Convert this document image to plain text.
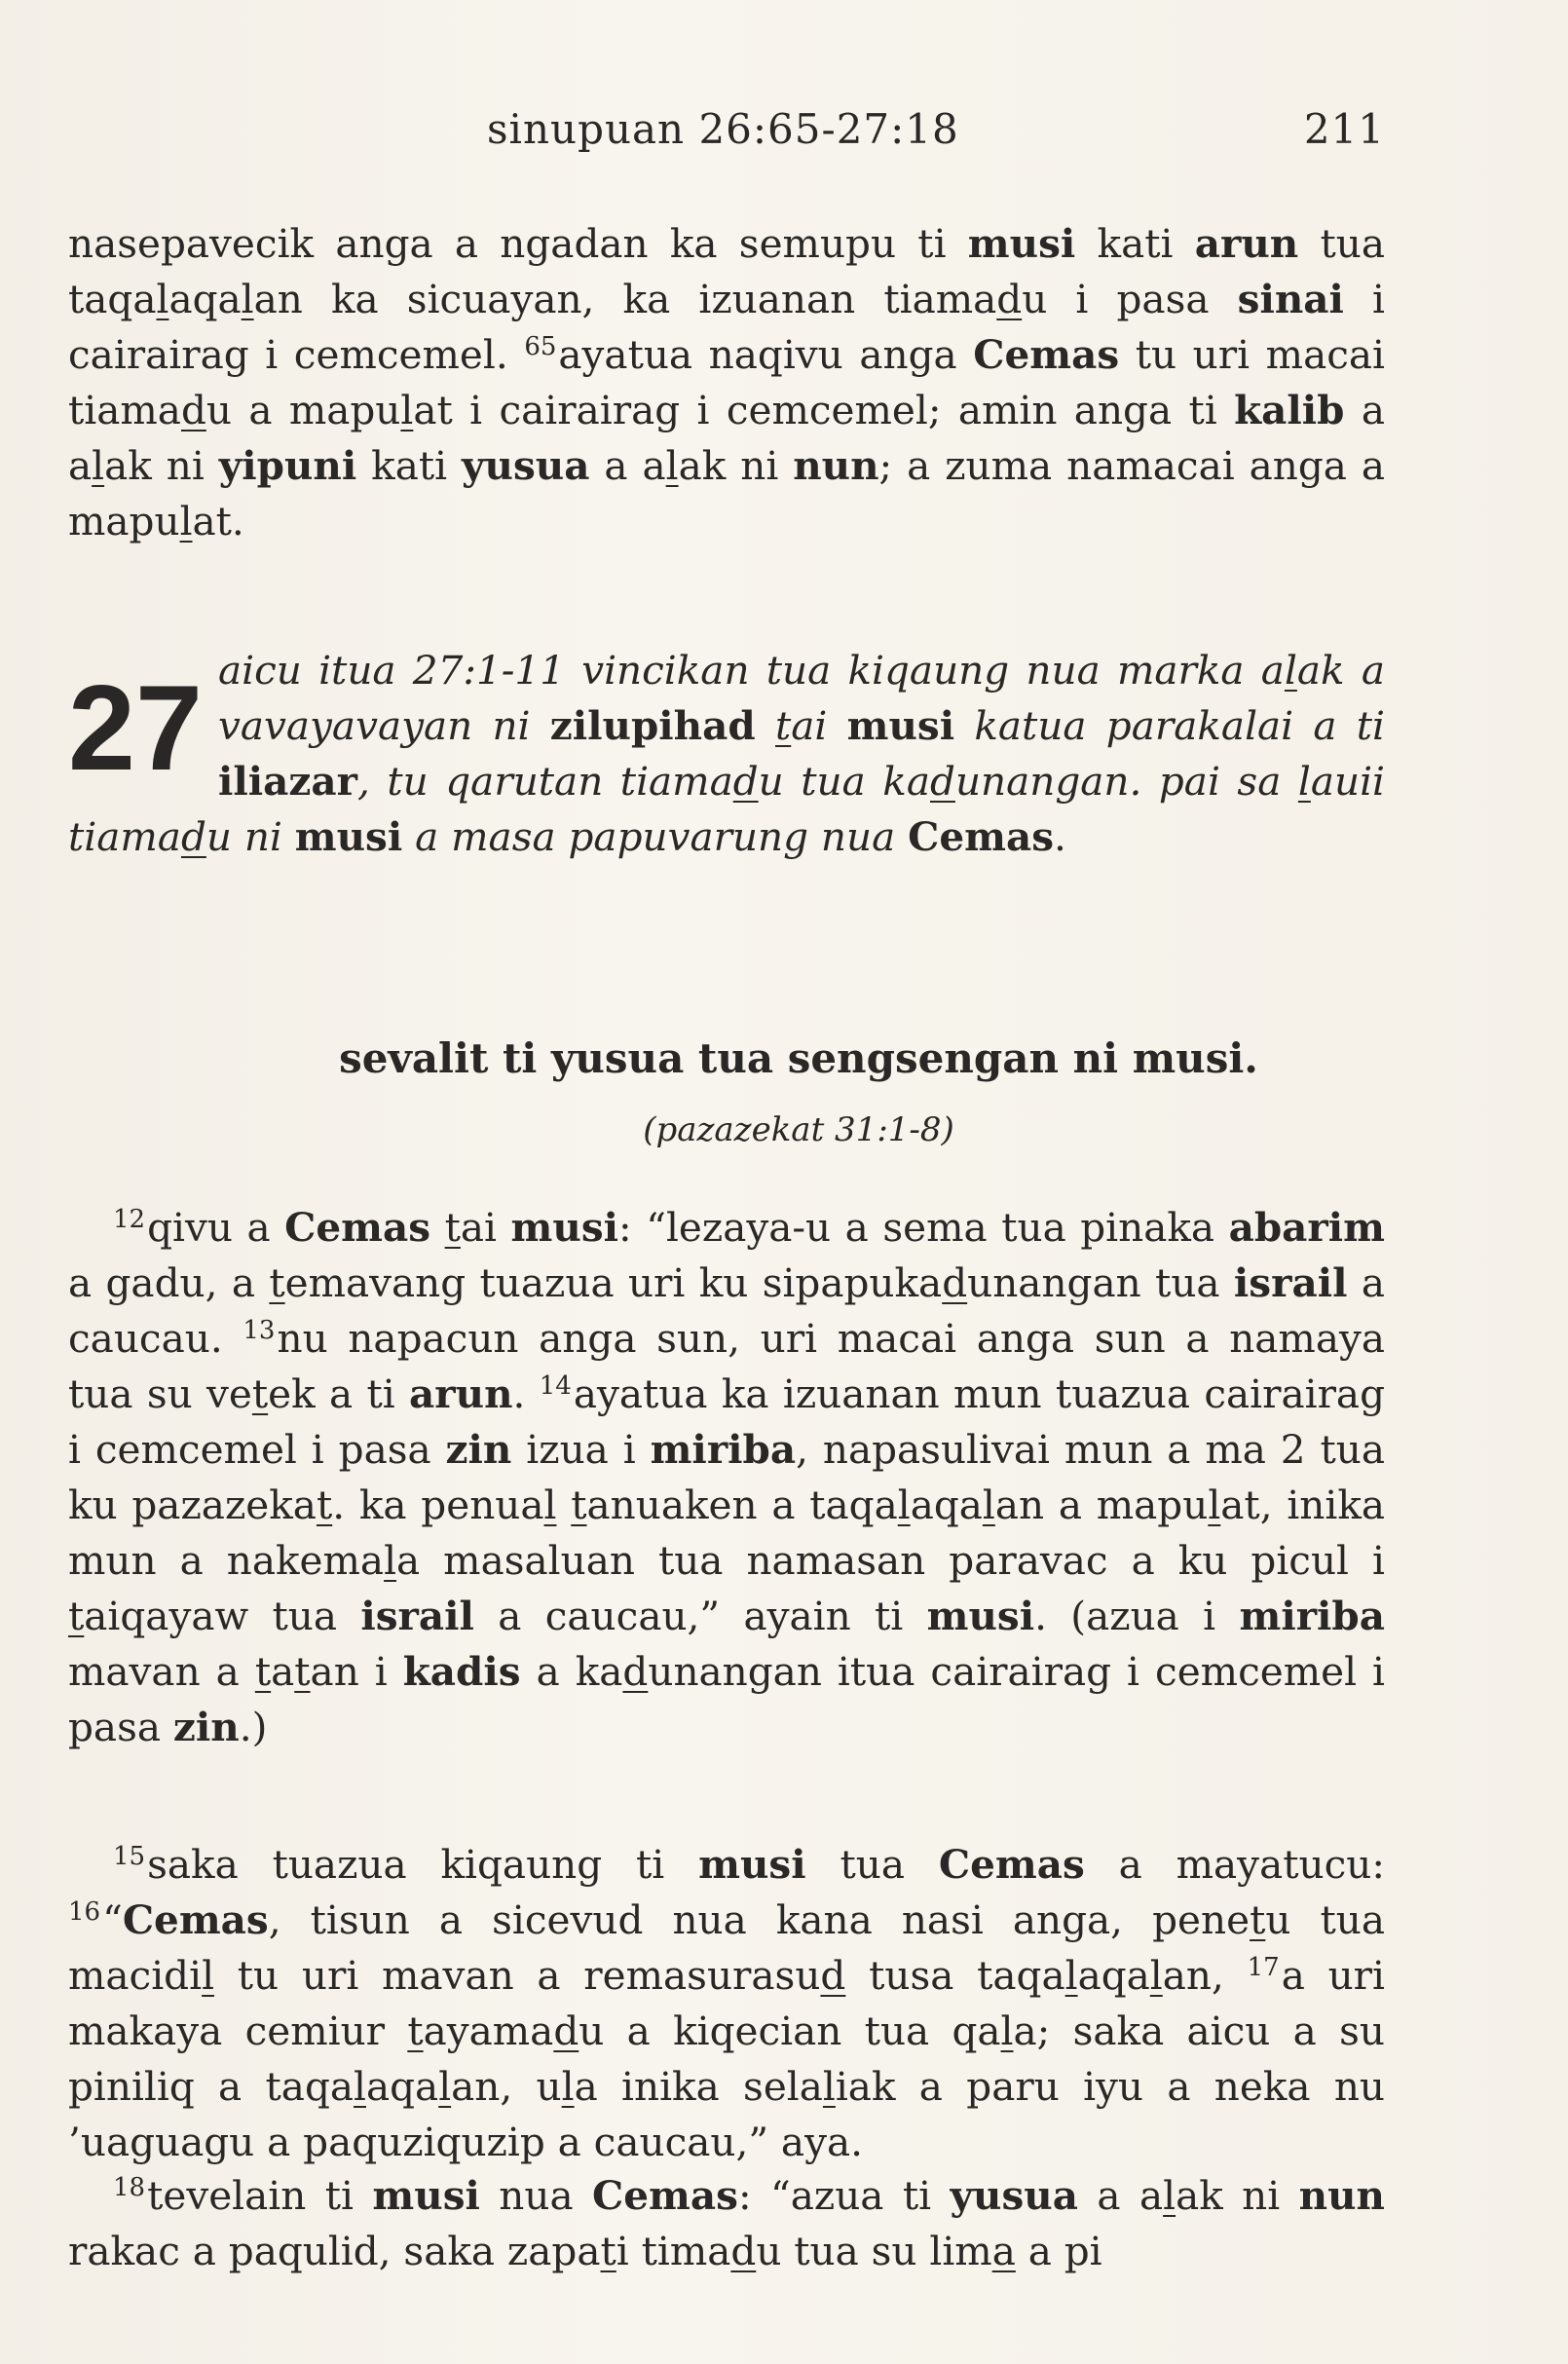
sinupuan 26:65-27:18	211

nasepavecik anga a ngadan ka semupu ti musi kati arun tua taqalaqalan ka sicuayan, ka izuanan tiamadu i pasa sinai i cairairag i cemcemel. $^{65}$ayatua naqivu anga Cemas tu uri macai tiamadu a mapulat i cairairag i cemcemel; amin anga ti kalib a alak ni yipuni kati yusua a alak ni nun; a zuma namacai anga a mapulat.

27 aicu itua 27:1-11 vincikan tua kiqaung nua marka alak a vavayavayan ni zilupihad tai musi katua parakalai a ti iliazar, tu qarutan tiamadu tua kadunangan. pai sa lauii tiamadu ni musi a masa papuvarung nua Cemas.
sevalit ti yusua tua sengsengan ni musi.
(pazazekat 31:1-8)

$^{12}$qivu a Cemas tai musi: “lezaya-u a sema tua pinaka abarim a gadu, a temavang tuazua uri ku sipapukadunangan tua israil a caucau. $^{13}$nu napacun anga sun, uri macai anga sun a namaya tua su vetek a ti arun. $^{14}$ayatua ka izuanan mun tuazua cairairag i cemcemel i pasa zin izua i miriba, napasulivai mun a ma 2 tua ku pazazekat. ka penual tanuaken a taqalaqalan a mapulat, inika mun a nakemala masaluan tua namasan paravac a ku picul i taiqayaw tua israil a caucau,” ayain ti musi. (azua i miriba mavan a tatan i kadis a kadunangan itua cairairag i cemcemel i pasa zin.)

$^{15}$saka tuazua kiqaung ti musi tua Cemas a mayatucu: $^{16}$“Cemas, tisun a sicevud nua kana nasi anga, penetu tua macidil tu uri mavan a remasurasud tusa taqalaqalan, $^{17}$a uri makaya cemiur tayamadu a kiqecian tua qala; saka aicu a su piniliq a taqalaqalan, ula inika selaliak a paru iyu a neka nu ’uaguagu a paquziquzip a caucau,” aya.

$^{18}$tevelain ti musi nua Cemas: “azua ti yusua a alak ni nun rakac a paqulid, saka zapati timadu tua su lima a pi
